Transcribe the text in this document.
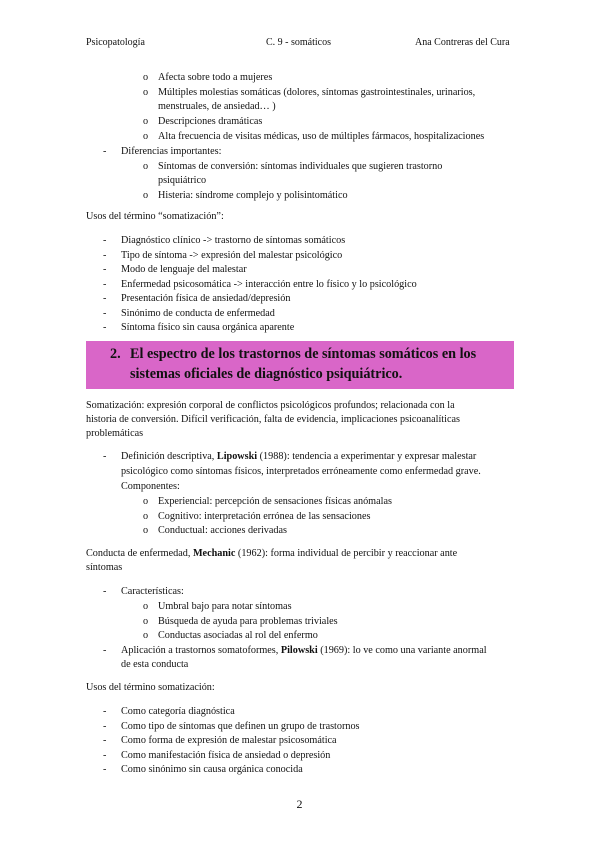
Psicopatología	C. 9 - somáticos	Ana Contreras del Cura
o Afecta sobre todo a mujeres
o Múltiples molestias somáticas (dolores, síntomas gastrointestinales, urinarios,
menstruales, de ansiedad… )
o Descripciones dramáticas
o Alta frecuencia de visitas médicas, uso de múltiples fármacos, hospitalizaciones
- Diferencias importantes:
o Síntomas de conversión: síntomas individuales que sugieren trastorno
psiquiátrico
o Histeria: síndrome complejo y polisintomático
Usos del término “somatización”:
- Diagnóstico clínico -> trastorno de síntomas somáticos
- Tipo de síntoma -> expresión del malestar psicológico
- Modo de lenguaje del malestar
- Enfermedad psicosomática -> interacción entre lo físico y lo psicológico
- Presentación física de ansiedad/depresión
- Sinónimo de conducta de enfermedad
- Síntoma físico sin causa orgánica aparente
2. El espectro de los trastornos de síntomas somáticos en los
sistemas oficiales de diagnóstico psiquiátrico.
Somatización: expresión corporal de conflictos psicológicos profundos; relacionada con la
historia de conversión. Difícil verificación, falta de evidencia, implicaciones psicoanalíticas
problemáticas
- Definición descriptiva, Lipowski (1988): tendencia a experimentar y expresar malestar
psicológico como síntomas físicos, interpretados erróneamente como enfermedad grave.
Componentes:
o Experiencial: percepción de sensaciones físicas anómalas
o Cognitivo: interpretación errónea de las sensaciones
o Conductual: acciones derivadas
Conducta de enfermedad, Mechanic (1962): forma individual de percibir y reaccionar ante
síntomas
- Características:
o Umbral bajo para notar síntomas
o Búsqueda de ayuda para problemas triviales
o Conductas asociadas al rol del enfermo
- Aplicación a trastornos somatoformes, Pilowski (1969): lo ve como una variante anormal
de esta conducta
Usos del término somatización:
- Como categoría diagnóstica
- Como tipo de síntomas que definen un grupo de trastornos
- Como forma de expresión de malestar psicosomática
- Como manifestación física de ansiedad o depresión
- Como sinónimo sin causa orgánica conocida
2
